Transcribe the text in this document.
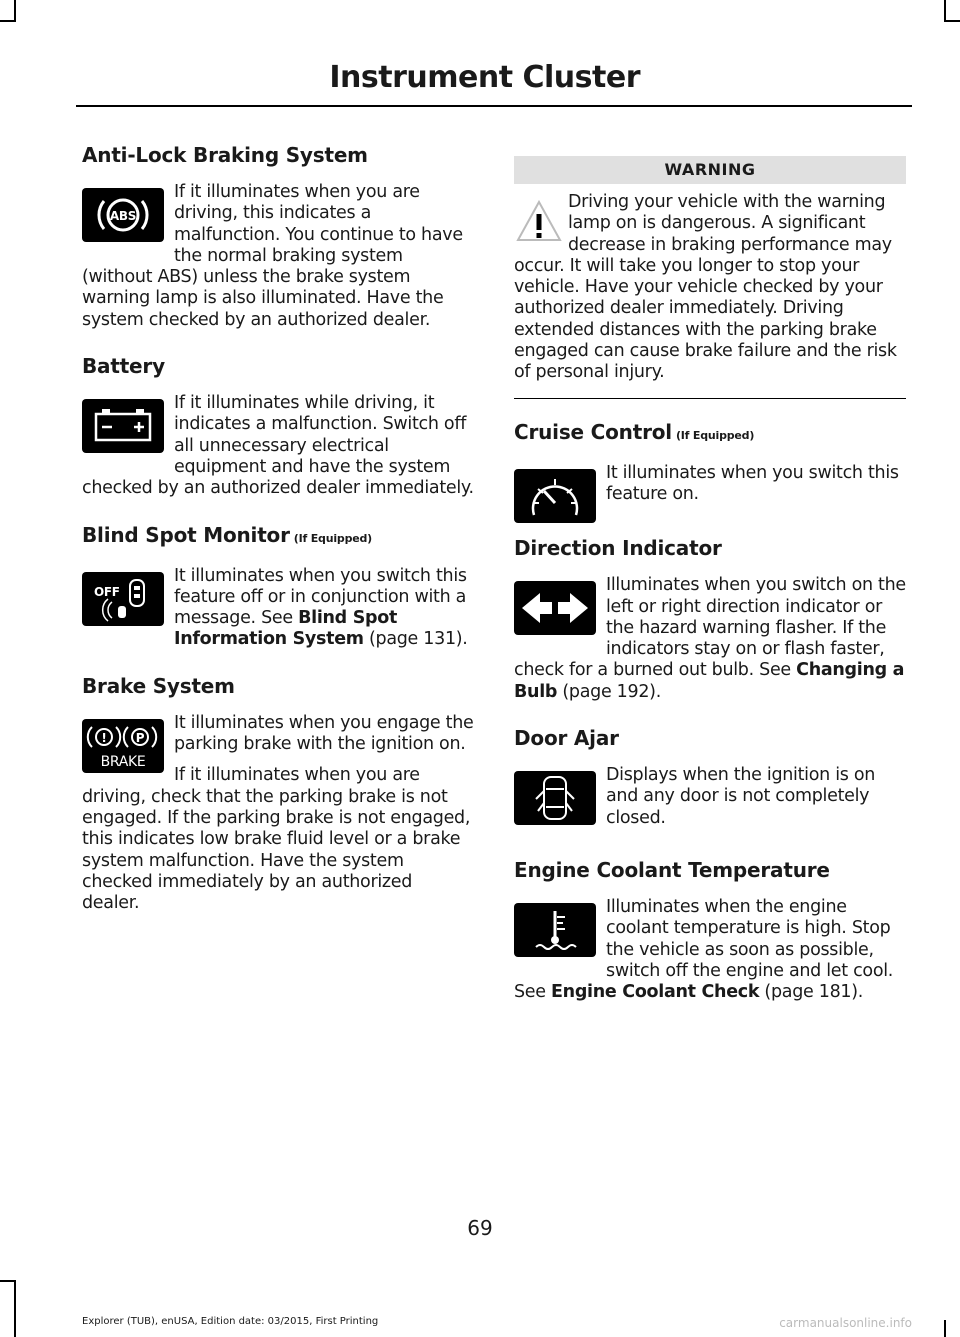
Instrument Cluster
Anti-Lock Braking System
ABS
If it illuminates when you are driving, this indicates a malfunction. You continue to have the normal braking system (without ABS) unless the brake system warning lamp is also illuminated. Have the system checked by an authorized dealer.
Battery
If it illuminates while driving, it indicates a malfunction. Switch off all unnecessary electrical equipment and have the system checked by an authorized dealer immediately.
Blind Spot Monitor (If Equipped)
OFF
It illuminates when you switch this feature off or in conjunction with a message. See Blind Spot Information System (page 131).
Brake System
! P
BRAKE
It illuminates when you engage the parking brake with the ignition on.
If it illuminates when you are driving, check that the parking brake is not engaged. If the parking brake is not engaged, this indicates low brake fluid level or a brake system malfunction. Have the system checked immediately by an authorized dealer.
WARNING
Driving your vehicle with the warning lamp on is dangerous. A significant decrease in braking performance may occur. It will take you longer to stop your vehicle. Have your vehicle checked by your authorized dealer immediately. Driving extended distances with the parking brake engaged can cause brake failure and the risk of personal injury.
Cruise Control (If Equipped)
It illuminates when you switch this feature on.
Direction Indicator
Illuminates when you switch on the left or right direction indicator or the hazard warning flasher. If the indicators stay on or flash faster, check for a burned out bulb. See Changing a Bulb (page 192).
Door Ajar
Displays when the ignition is on and any door is not completely closed.
Engine Coolant Temperature
Illuminates when the engine coolant temperature is high. Stop the vehicle as soon as possible, switch off the engine and let cool. See Engine Coolant Check (page 181).
69
Explorer (TUB), enUSA, Edition date: 03/2015, First Printing	carmanualsonline.info
